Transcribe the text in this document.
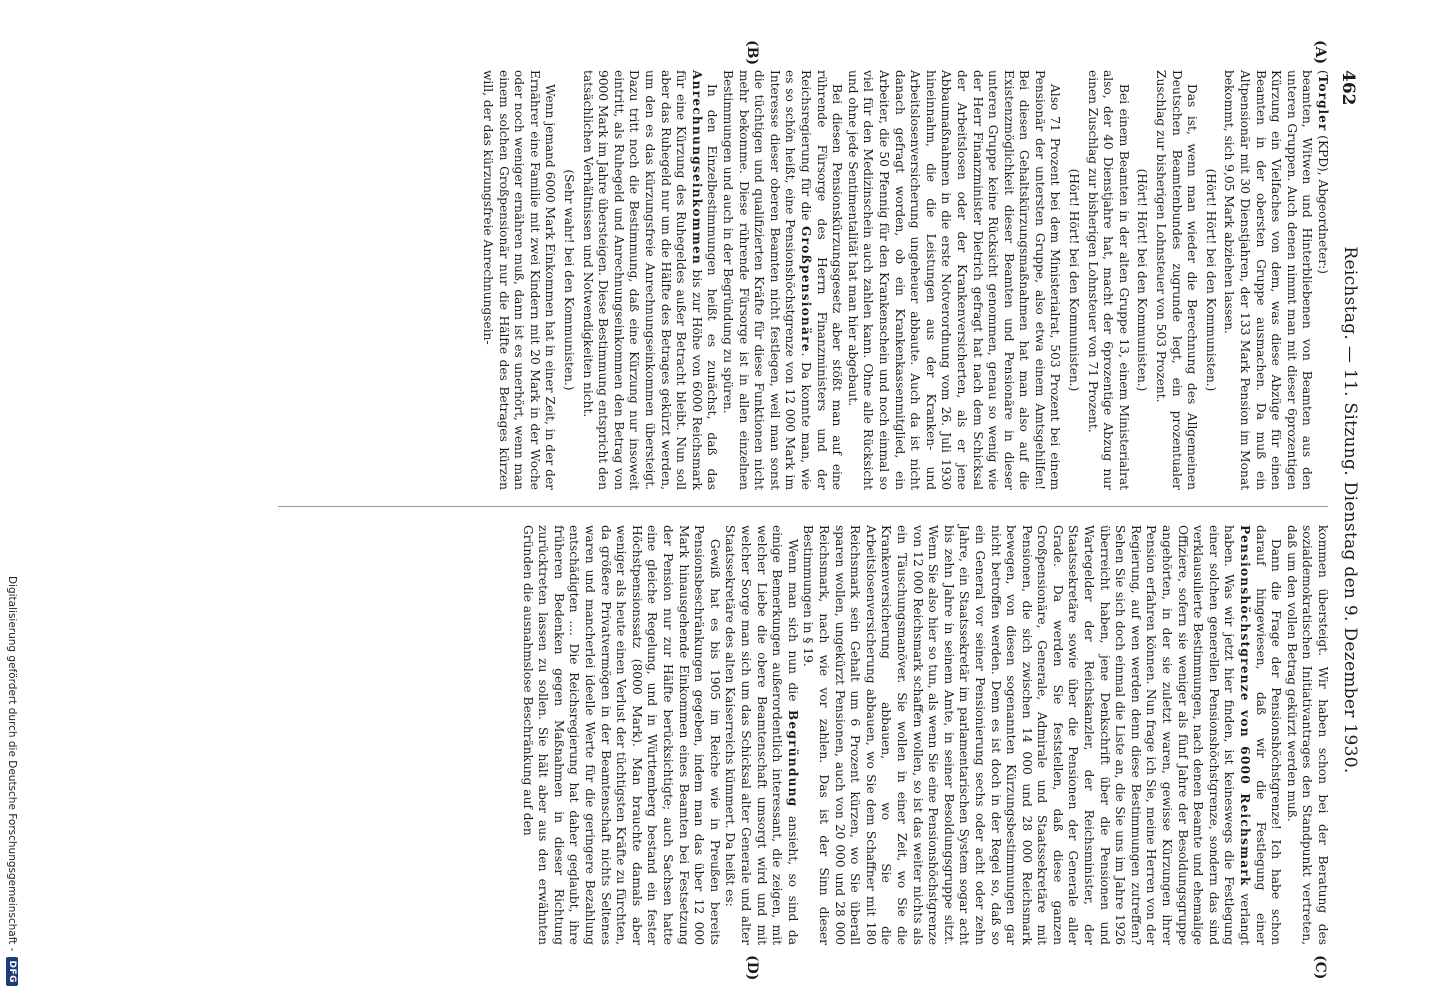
Digitalisierung gefördert durch die Deutsche Forschungsgemeinschaft -
DFG
462
Reichstag. — 11. Sitzung. Dienstag den 9. Dezember 1930.
(A)
(B)
(C)
(D)

(Torgler (KPD), Abgeordneter:)

beamten, Witwen und Hinterbliebenen von Beamten aus den unteren Gruppen. Auch denen nimmt man mit dieser 6prozentigen Kürzung ein Vielfaches von dem, was diese Abzüge für einen Beamten in der obersten Gruppe ausmachen. Da muß ein Altpensionär mit 30 Dienstjahren, der 133 Mark Pension im Monat bekommt, sich 9,05 Mark abziehen lassen.

(Hört! Hört! bei den Kommunisten.)

Das ist, wenn man wieder die Berechnung des Allgemeinen Deutschen Beamtenbundes zugrunde legt, ein prozentualer Zuschlag zur bisherigen Lohnsteuer von 503 Prozent.

(Hört! Hört! bei den Kommunisten.)

Bei einem Beamten in der alten Gruppe 13, einem Ministerialrat also, der 40 Dienstjahre hat, macht der 6prozentige Abzug nur einen Zuschlag zur bisherigen Lohnsteuer von 71 Prozent.

(Hört! Hört! bei den Kommunisten.)

Also 71 Prozent bei dem Ministerialrat, 503 Prozent bei einem Pensionär der untersten Gruppe, also etwa einem Amtsgehilfen! Bei diesen Gehaltskürzungsmaßnahmen hat man also auf die Existenzmöglichkeit dieser Beamten und Pensionäre in dieser unteren Gruppe keine Rücksicht genommen, genau so wenig wie der Herr Finanzminister Dietrich gefragt hat nach dem Schicksal der Arbeitslosen oder der Krankenversicherten, als er jene Abbaumaßnahmen in die erste Notverordnung vom 26. Juli 1930 hineinnahm, die die Leistungen aus der Kranken- und Arbeitslosenversicherung ungeheuer abbaute. Auch da ist nicht danach gefragt worden, ob ein Krankenkassenmitglied, ein Arbeiter, die 50 Pfennig für den Krankenschein und noch einmal so viel für den Medizinschein auch zahlen kann. Ohne alle Rücksicht und ohne jede Sentimentalität hat man hier abgebaut.

Bei diesen Pensionskürzungsgesetz aber stößt man auf eine rührende Fürsorge des Herrn Finanzministers und der Reichsregierung für die Großpensionäre. Da konnte man, wie es so schön heißt, eine Pensionshöchstgrenze von 12 000 Mark im Interesse dieser oberen Beamten nicht festlegen, weil man sonst die tüchtigen und qualifizierten Kräfte für diese Funktionen nicht mehr bekomme. Diese rührende Fürsorge ist in allen einzelnen Bestimmungen und auch in der Begründung zu spüren.

In den Einzelbestimmungen heißt es zunächst, daß das Anrechnungseinkommen bis zur Höhe von 6000 Reichsmark für eine Kürzung des Ruhegeldes außer Betracht bleibt. Nun soll aber das Ruhegeld nur um die Hälfte des Betrages gekürzt werden, um den es das kürzungsfreie Anrechnungseinkommen übersteigt. Dazu tritt noch die Bestimmung, daß eine Kürzung nur insoweit eintritt, als Ruhegeld und Anrechnungseinkommen den Betrag von 9000 Mark im Jahre übersteigen. Diese Bestimmung entspricht den tatsächlichen Verhältnissen und Notwendigkeiten nicht.

(Sehr wahr! bei den Kommunisten.)

Wenn jemand 6000 Mark Einkommen hat in einer Zeit, in der der Ernährer eine Familie mit zwei Kindern mit 20 Mark in der Woche oder noch weniger ernähren muß, dann ist es unerhört, wenn man einem solchen Großpensionär nur die Hälfte des Betrages kürzen will, der das kürzungsfreie Anrechnungsein-

kommen übersteigt. Wir haben schon bei der Beratung des sozialdemokratischen Initiativantrages den Standpunkt vertreten, daß um den vollen Betrag gekürzt werden muß.

Dann die Frage der Pensionshöchstgrenze! Ich habe schon darauf hingewiesen, daß wir die Festlegung einer Pensionshöchstgrenze von 6000 Reichsmark verlangt haben. Was wir jetzt hier finden, ist keineswegs die Festlegung einer solchen generellen Pensionshöchstgrenze, sondern das sind verklausulierte Bestimmungen, nach denen Beamte und ehemalige Offiziere, sofern sie weniger als fünf Jahre der Besoldungsgruppe angehörten, in der sie zuletzt waren, gewisse Kürzungen ihrer Pension erfahren können. Nun frage ich Sie, meine Herren von der Regierung, auf wen werden denn diese Bestimmungen zutreffen? Sehen Sie sich doch einmal die Liste an, die Sie uns im Jahre 1926 überreicht haben, jene Denkschrift über die Pensionen und Wartegelder der Reichskanzler, der Reichsminister, der Staatssekretäre sowie über die Pensionen der Generale aller Grade. Da werden Sie feststellen, daß diese ganzen Großpensionäre, Generale, Admirale und Staatssekretäre mit Pensionen, die sich zwischen 14 000 und 28 000 Reichsmark bewegen, von diesen sogenannten Kürzungsbestimmungen gar nicht betroffen werden. Denn es ist doch in der Regel so, daß so ein General vor seiner Pensionierung sechs oder acht oder zehn Jahre, ein Staatssekretär im parlamentarischen System sogar acht bis zehn Jahre in seinem Amte, in seiner Besoldungsgruppe sitzt. Wenn Sie also hier so tun, als wenn Sie eine Pensionshöchstgrenze von 12 000 Reichsmark schaffen wollen, so ist das weiter nichts als ein Täuschungsmanöver. Sie wollen in einer Zeit, wo Sie die Krankenversicherung abbauen, wo Sie die Arbeitslosenversicherung abbauen, wo Sie dem Schaffner mit 180 Reichsmark sein Gehalt um 6 Prozent kürzen, wo Sie überall sparen wollen, ungekürzt Pensionen, auch von 20 000 und 28 000 Reichsmark, nach wie vor zahlen. Das ist der Sinn dieser Bestimmungen in § 19.

Wenn man sich nun die Begründung ansieht, so sind da einige Bemerkungen außerordentlich interessant, die zeigen, mit welcher Liebe die obere Beamtenschaft umsorgt wird und mit welcher Sorge man sich um das Schicksal alter Generale und alter Staatssekretäre des alten Kaiserreichs kümmert. Da heißt es:

Gewiß hat es bis 1905 im Reiche wie in Preußen bereits Pensionsbeschränkungen gegeben, indem man das über 12 000 Mark hinausgehende Einkommen eines Beamten bei Festsetzung der Pension nur zur Hälfte berücksichtigte; auch Sachsen hatte eine gleiche Regelung, und in Württemberg bestand ein fester Höchstpensionssatz (8000 Mark). Man brauchte damals aber weniger als heute einen Verlust der tüchtigsten Kräfte zu fürchten, da größere Privatvermögen in der Beamtenschaft nichts Seltenes waren und mancherlei ideelle Werte für die geringere Bezahlung entschädigten .... Die Reichsregierung hat daher geglaubt, ihre früheren Bedenken gegen Maßnahmen in dieser Richtung zurücktreten lassen zu sollen. Sie hält aber aus den erwähnten Gründen die ausnahmslose Beschränkung auf den
